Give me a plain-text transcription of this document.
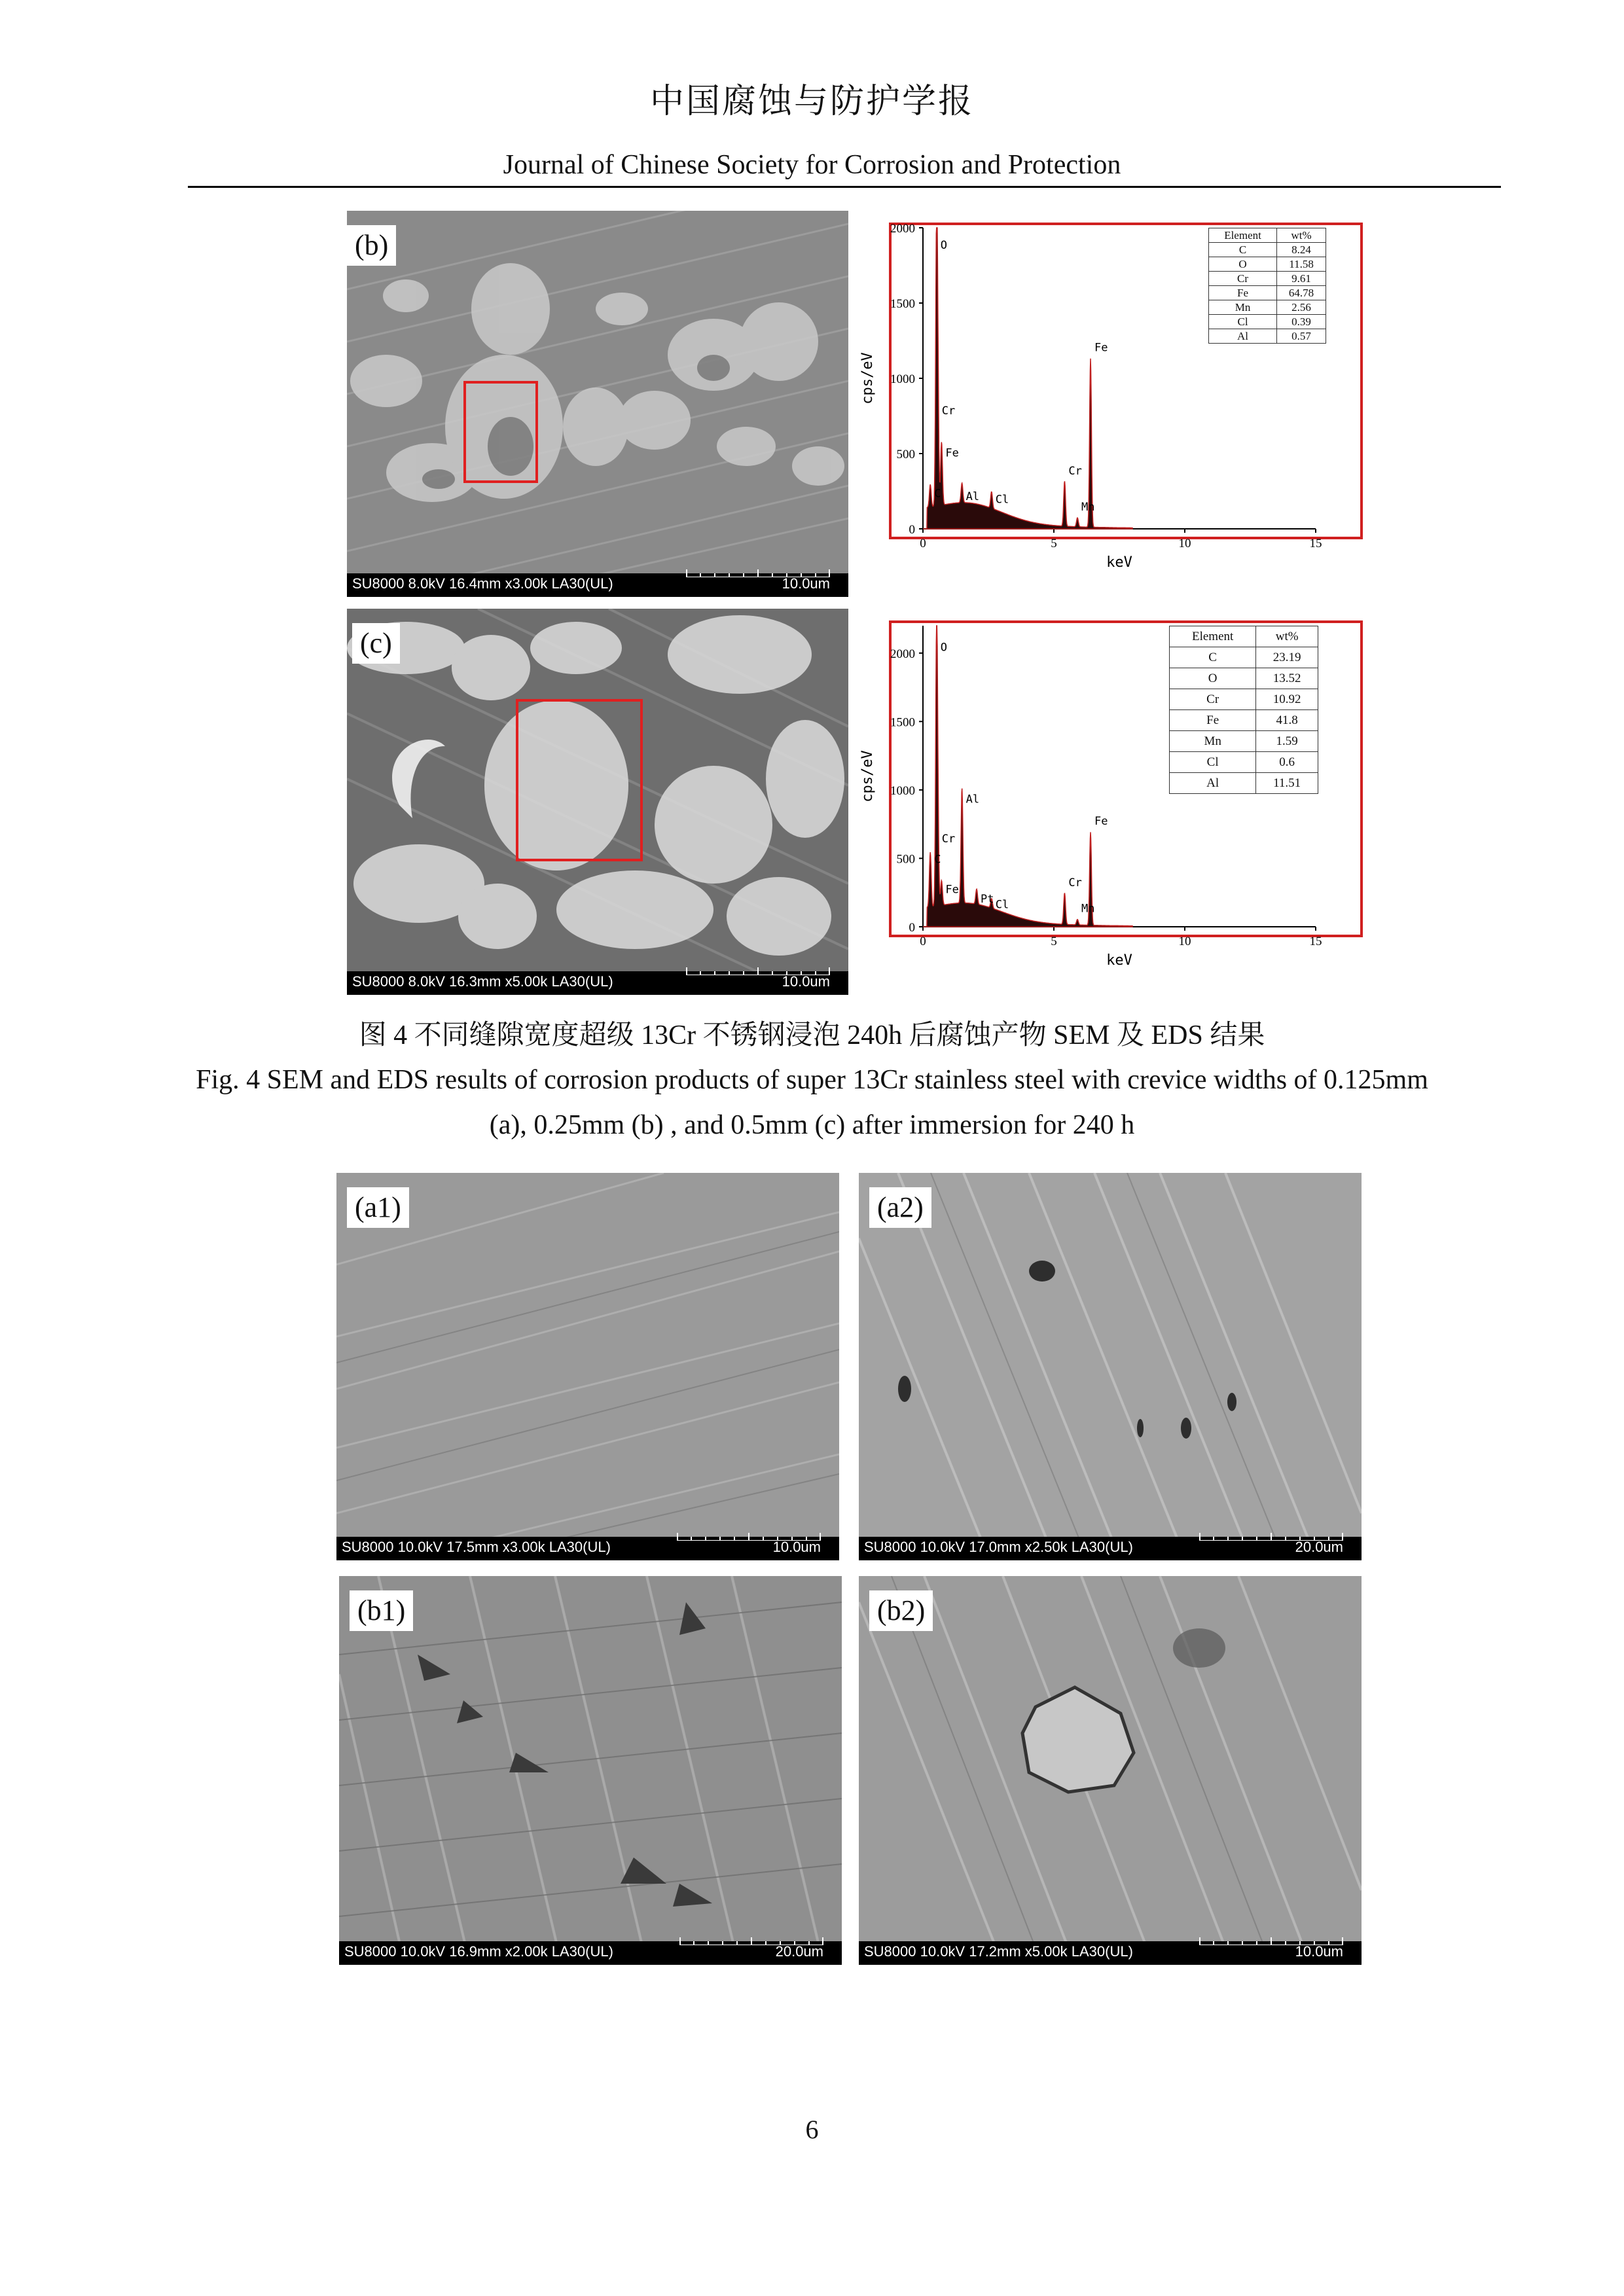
中国腐蚀与防护学报
Journal of Chinese Society for Corrosion and Protection
(b)
SU8000 8.0kV 16.4mm x3.00k LA30(UL)	10.0um
0
500
1000
1500
2000
0	5	10	15
keV
cps/eV
C
O
Cr
Fe
Al Cl
Cr
Mn
Fe
Element	wt%
C	8.24
O	11.58
Cr	9.61
Fe	64.78
Mn	2.56
Cl	0.39
Al	0.57
(c)
SU8000 8.0kV 16.3mm x5.00k LA30(UL)	10.0um
0
500
1000
1500
2000
0	5	10	15
keV
cps/eV
O
C
Cr
Fe
Al
Pt Cl
Cr
Mn
Fe
Element	wt%
C	23.19
O	13.52
Cr	10.92
Fe	41.8
Mn	1.59
Cl	0.6
Al	11.51
图 4 不同缝隙宽度超级 13Cr 不锈钢浸泡 240h 后腐蚀产物 SEM 及 EDS 结果
Fig. 4 SEM and EDS results of corrosion products of super 13Cr stainless steel with crevice widths of 0.125mm
(a), 0.25mm (b) , and 0.5mm (c) after immersion for 240 h
(a1)
SU8000 10.0kV 17.5mm x3.00k LA30(UL)	10.0um
(a2)
SU8000 10.0kV 17.0mm x2.50k LA30(UL)	20.0um
(b1)
SU8000 10.0kV 16.9mm x2.00k LA30(UL)	20.0um
(b2)
SU8000 10.0kV 17.2mm x5.00k LA30(UL)	10.0um
6
